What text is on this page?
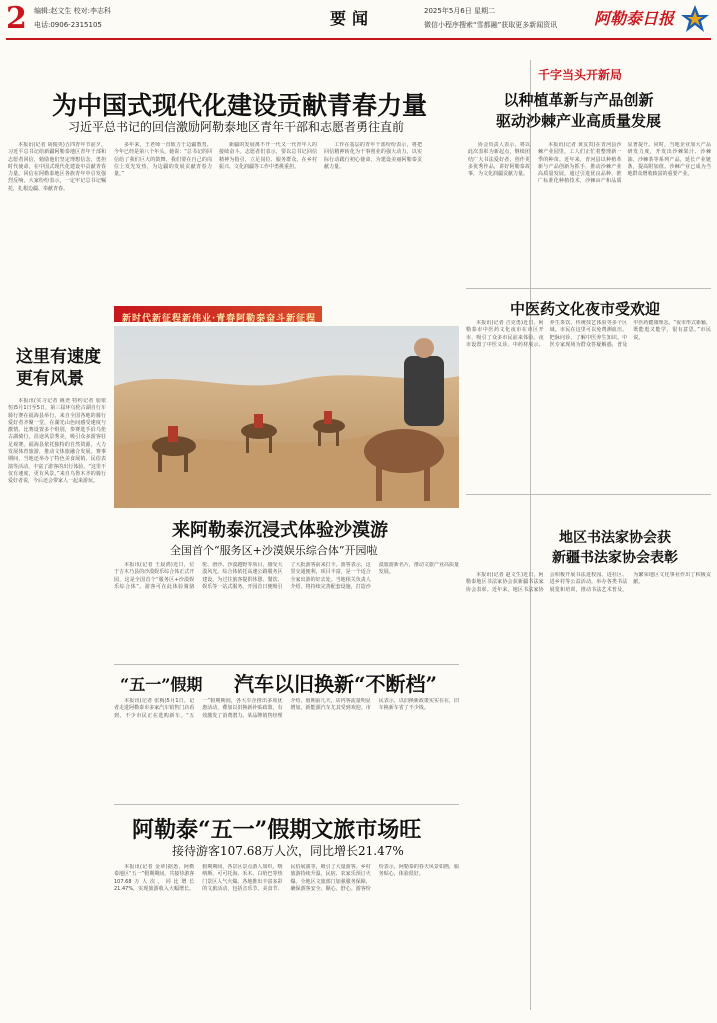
2 编辑:赵文生 校对:李志科
电话:0906-2315105	要闻	2025年5月6日 星期二
微信小程序搜索“雪都融”获取更多新闻资讯 阿勒泰日报
为中国式现代化建设贡献青春力量
习近平总书记的回信激励阿勒泰地区青年干部和志愿者勇往直前

本报讯(记者 胡俊英)五四青年节前夕，习近平总书记给新疆阿勒泰地区青年干部和志愿者回信，勉励他们坚定理想信念，勇担时代使命，在中国式现代化建设中贡献青春力量。回信在阿勒泰地区各族青年中引发强烈反响，大家纷纷表示，一定牢记总书记嘱托，扎根边疆、奉献青春。

多年来，王老师一直致力于边疆教育，今年已经是第八个年头，她说：“总书记的回信给了我们巨大的鼓舞，我们要在自己的岗位上发光发热，为边疆的发展贡献青春力量。”

新疆的发展离不开一代又一代青年人的接续奋斗。志愿者们表示，要以总书记回信精神为指引，立足岗位、服务群众，在乡村振兴、文化润疆等工作中勇挑重担。

工作在基层的青年干部纷纷表示，将把回信精神转化为干事创业的强大动力，以实际行动践行初心使命，为建设美丽阿勒泰贡献力量。

新时代新征程新伟业·青春阿勒泰奋斗新征程
这里有速度
更有风景

本报讯(实习记者 姚尧 特约记者 加依恒)5月1日至5日，第三届环乌伦古湖自行车骑行赛在福海县举行，来自全国各地的骑行爱好者齐聚一堂，在湖光山色间感受速度与激情。比赛设置多个组别，参赛选手沿乌伦古湖骑行，沿途风景秀美，吸引众多游客驻足观赛。福海县依托独特的自然资源，大力发展体育旅游，推动文体旅融合发展。赛事期间，当地还举办了特色美食展销、民俗表演等活动，丰富了游客的出行体验。“这里不仅有速度，更有风景。”来自乌鲁木齐的骑行爱好者说，今后还会带家人一起来游玩。

来阿勒泰沉浸式体验沙漠游
全国首个“服务区+沙漠娱乐综合体”开园啦

本报讯(记者 王晨鸿)近日，位于吉木乃县的沙漠娱乐综合体正式开园，这是全国首个“服务区+沙漠娱乐综合体”。游客可在此体验骑骆驼、滑沙、沙漠越野等项目，感受大漠风光。综合体依托高速公路服务区建设，为过往旅客提供休憩、餐饮、娱乐等一站式服务。开园首日便吸引了大批游客前来打卡。游客表示，这里交通便利，项目丰富，是一个适合全家出游的好去处。当地相关负责人介绍，将持续完善配套设施，打造沙漠旅游新名片，推动文旅产业高质量发展。

“五一”假期 汽车以旧换新“不断档”

本报讯(记者 张梅)5月1日，记者走进阿勒泰市多家汽车销售门店看到，不少市民正在选购新车。“五一”假期期间，各大车企推出多项优惠活动，叠加以旧换新补贴政策，有效激发了消费潜力。某品牌销售经理介绍，假期前几天，店内客流量明显增加，新能源汽车尤其受到欢迎。市民表示，以旧换新政策实实在在，旧车换新车省了不少钱。

阿勒泰“五一”假期文旅市场旺
接待游客107.68万人次，同比增长21.47%

本报讯(记者 金章)据悉，阿勒泰地区“五一”假期期间，共接待游客107.68万人次，同比增长21.47%，实现旅游收入大幅增长。假期期间，各景区景点游人如织，喀纳斯、可可托海、禾木、白哈巴等热门景区人气火爆。各地推出丰富多彩的文旅活动，包括音乐节、美食节、民俗展演等，吸引了大量游客。乡村旅游持续升温，民宿、农家乐预订火爆。全地区文旅部门加强服务保障，确保游客安全、顺心、舒心。游客纷纷表示，阿勒泰的春天风景如画，服务贴心，体验很好。

千字当头开新局
以种植革新与产品创新
驱动沙棘产业高质量发展

本报讯(记者 黄友贵)在青河县沙棘产业园里，工人们正忙着整理新一季的种苗。近年来，青河县以种植革新与产品创新为抓手，推动沙棘产业高质量发展。通过引进优良品种、推广标准化种植技术，沙棘亩产和品质显著提升。同时，当地企业加大产品研发力度，开发出沙棘果汁、沙棘油、沙棘茶等系列产品，延长产业链条，提高附加值。沙棘产业已成为当地群众增收致富的重要产业。

协会负责人表示，将以此次表彰为新起点，继续团结广大书法爱好者，创作更多优秀作品，讲好阿勒泰故事，为文化润疆贡献力量。

中医药文化夜市受欢迎

本报讯(记者 吉克勇)近日，阿勒泰市中医药文化夜市在市区开市，吸引了众多市民前来体验。夜市设置了中医义诊、中药材展示、养生茶饮、传统技艺体验等多个区域。市民在这里可以免费测血压、把脉问诊，了解中医养生知识。中医专家现场为群众答疑解惑，普及中医药健康理念。“夜市形式新颖，既能逛又能学，很有意思。”市民说。

地区书法家协会获
新疆书法家协会表彰

本报讯(记者 赵文生)近日，阿勒泰地区书法家协会获新疆书法家协会表彰。近年来，地区书法家协会积极开展书法进校园、进社区、进乡村等公益活动，举办各类书法展览和培训，推动书法艺术普及，为繁荣地区文化事业作出了积极贡献。
